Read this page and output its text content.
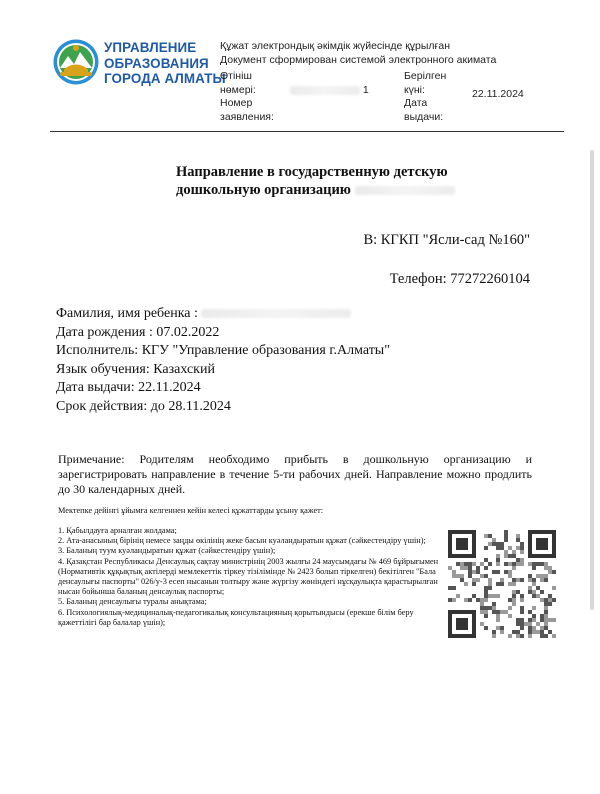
УПРАВЛЕНИЕ
ОБРАЗОВАНИЯ
ГОРОДА АЛМАТЫ
Құжат электрондық әкімдік жүйесінде құрылған
Документ сформирован системой электронного акимата
Өтініш
нөмері:
Номер
заявления:
1
Берілген
күні:
Дата
выдачи:
22.11.2024
Направление в государственную детскую
дошкольную организацию
В: КГКП "Ясли-сад №160"
Телефон: 77272260104
Фамилия, имя ребенка :
Дата рождения : 07.02.2022
Исполнитель: КГУ "Управление образования г.Алматы"
Язык обучения: Казахский
Дата выдачи: 22.11.2024
Срок действия: до 28.11.2024
Примечание: Родителям необходимо прибыть в дошкольную организацию и зарегистрировать направление в течение 5-ти рабочих дней. Направление можно продлить до 30 календарных дней.
Мектепке дейінгі ұйымға келгеннен кейін келесі құжаттарды ұсыну қажет:
1. Қабылдауға арналған жолдама;
2. Ата-анасының бірінің немесе заңды өкілінің жеке басын куәландыратын құжат (сәйкестендіру үшін);
3. Баланың туум куәландыратын құжат (сәйкестендіру үшін);
4. Қазақстан Республикасы Денсаулық сақтау министрінің 2003 жылғы 24 маусымдағы № 469 бұйрығымен (Нормативтік құқықтық актілерді мемлекеттік тіркеу тізілімінде № 2423 болып тіркелген) бекітілген "Бала денсаулығы паспорты" 026/у-3 есеп нысанын толтыру және жүргізу жөніндегі нұсқаулықта қарастырылған нысан бойынша баланың денсаулық паспорты;
5. Баланың денсаулығы туралы анықтама;
6. Психологиялық-медициналық-педагогикалық консультацияның қорытындысы (ерекше білім беру қажеттілігі бар балалар үшін);
